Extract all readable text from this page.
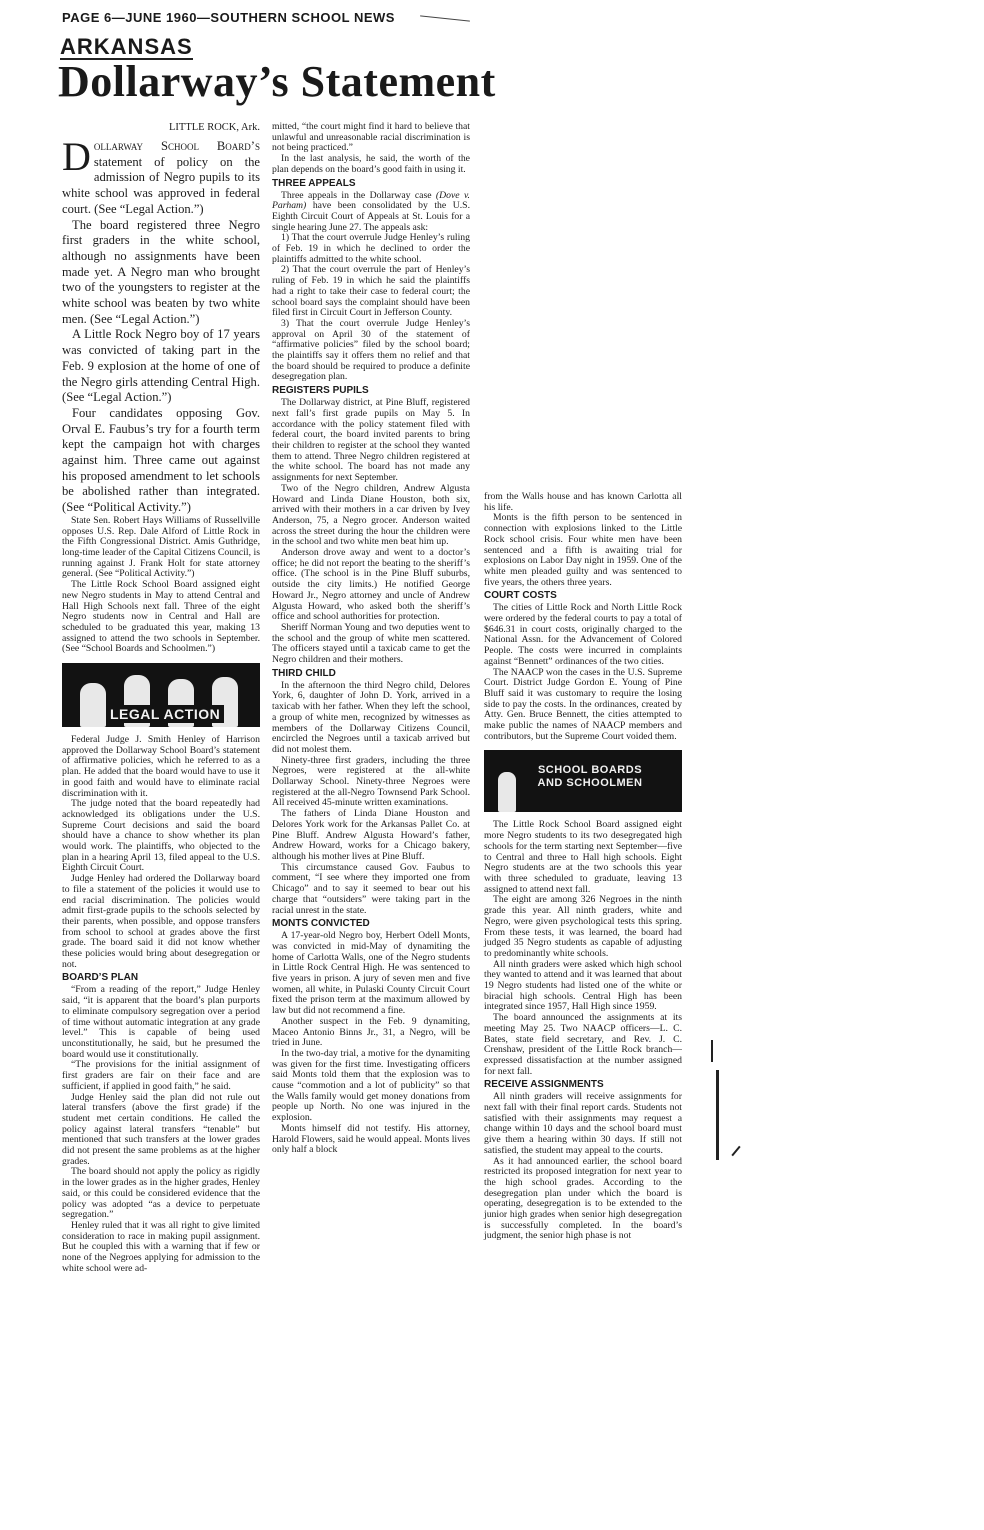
PAGE 6—JUNE 1960—SOUTHERN SCHOOL NEWS
ARKANSAS
Dollarway’s Statement
LITTLE ROCK, Ark.

Dollarway School Board’s statement of policy on the admission of Negro pupils to its white school was approved in federal court. (See “Legal Action.”)

The board registered three Negro first graders in the white school, although no assignments have been made yet. A Negro man who brought two of the youngsters to register at the white school was beaten by two white men. (See “Legal Action.”)

A Little Rock Negro boy of 17 years was convicted of taking part in the Feb. 9 explosion at the home of one of the Negro girls attending Central High. (See “Legal Action.”)

Four candidates opposing Gov. Orval E. Faubus’s try for a fourth term kept the campaign hot with charges against him. Three came out against his proposed amendment to let schools be abolished rather than integrated. (See “Political Activity.”)

State Sen. Robert Hays Williams of Russellville opposes U.S. Rep. Dale Alford of Little Rock in the Fifth Congressional District. Amis Guthridge, long-time leader of the Capital Citizens Council, is running against J. Frank Holt for state attorney general. (See “Political Activity.”)

The Little Rock School Board assigned eight new Negro students in May to attend Central and Hall High Schools next fall. Three of the eight Negro students now in Central and Hall are scheduled to be graduated this year, making 13 assigned to attend the two schools in September. (See “School Boards and Schoolmen.”)

LEGAL ACTION

Federal Judge J. Smith Henley of Harrison approved the Dollarway School Board’s statement of affirmative policies, which he referred to as a plan. He added that the board would have to use it in good faith and would have to eliminate racial discrimination with it.

The judge noted that the board repeatedly had acknowledged its obligations under the U.S. Supreme Court decisions and said the board should have a chance to show whether its plan would work. The plaintiffs, who objected to the plan in a hearing April 13, filed appeal to the U.S. Eighth Circuit Court.

Judge Henley had ordered the Dollarway board to file a statement of the policies it would use to end racial discrimination. The policies would admit first-grade pupils to the schools selected by their parents, when possible, and oppose transfers from school to school at grades above the first grade. The board said it did not know whether these policies would bring about desegregation or not.

BOARD’S PLAN

“From a reading of the report,” Judge Henley said, “it is apparent that the board’s plan purports to eliminate compulsory segregation over a period of time without automatic integration at any grade level.” This is capable of being used unconstitutionally, he said, but he presumed the board would use it constitutionally.

“The provisions for the initial assignment of first graders are fair on their face and are sufficient, if applied in good faith,” he said.

Judge Henley said the plan did not rule out lateral transfers (above the first grade) if the student met certain conditions. He called the policy against lateral transfers “tenable” but mentioned that such transfers at the lower grades did not present the same problems as at the higher grades.

The board should not apply the policy as rigidly in the lower grades as in the higher grades, Henley said, or this could be considered evidence that the policy was adopted “as a device to perpetuate segregation.”

Henley ruled that it was all right to give limited consideration to race in making pupil assignment. But he coupled this with a warning that if few or none of the Negroes applying for admission to the white school were ad-

mitted, “the court might find it hard to believe that unlawful and unreasonable racial discrimination is not being practiced.”

In the last analysis, he said, the worth of the plan depends on the board’s good faith in using it.

THREE APPEALS

Three appeals in the Dollarway case (Dove v. Parham) have been consolidated by the U.S. Eighth Circuit Court of Appeals at St. Louis for a single hearing June 27. The appeals ask:

1) That the court overrule Judge Henley’s ruling of Feb. 19 in which he declined to order the plaintiffs admitted to the white school.

2) That the court overrule the part of Henley’s ruling of Feb. 19 in which he said the plaintiffs had a right to take their case to federal court; the school board says the complaint should have been filed first in Circuit Court in Jefferson County.

3) That the court overrule Judge Henley’s approval on April 30 of the statement of “affirmative policies” filed by the school board; the plaintiffs say it offers them no relief and that the board should be required to produce a definite desegregation plan.

REGISTERS PUPILS

The Dollarway district, at Pine Bluff, registered next fall’s first grade pupils on May 5. In accordance with the policy statement filed with federal court, the board invited parents to bring their children to register at the school they wanted them to attend. Three Negro children registered at the white school. The board has not made any assignments for next September.

Two of the Negro children, Andrew Algusta Howard and Linda Diane Houston, both six, arrived with their mothers in a car driven by Ivey Anderson, 75, a Negro grocer. Anderson waited across the street during the hour the children were in the school and two white men beat him up.

Anderson drove away and went to a doctor’s office; he did not report the beating to the sheriff’s office. (The school is in the Pine Bluff suburbs, outside the city limits.) He notified George Howard Jr., Negro attorney and uncle of Andrew Algusta Howard, who asked both the sheriff’s office and school authorities for protection.

Sheriff Norman Young and two deputies went to the school and the group of white men scattered. The officers stayed until a taxicab came to get the Negro children and their mothers.

THIRD CHILD

In the afternoon the third Negro child, Delores York, 6, daughter of John D. York, arrived in a taxicab with her father. When they left the school, a group of white men, recognized by witnesses as members of the Dollarway Citizens Council, encircled the Negroes until a taxicab arrived but did not molest them.

Ninety-three first graders, including the three Negroes, were registered at the all-white Dollarway School. Ninety-three Negroes were registered at the all-Negro Townsend Park School. All received 45-minute written examinations.

The fathers of Linda Diane Houston and Delores York work for the Arkansas Pallet Co. at Pine Bluff. Andrew Algusta Howard’s father, Andrew Howard, works for a Chicago bakery, although his mother lives at Pine Bluff.

This circumstance caused Gov. Faubus to comment, “I see where they imported one from Chicago” and to say it seemed to bear out his charge that “outsiders” were taking part in the racial unrest in the state.

MONTS CONVICTED

A 17-year-old Negro boy, Herbert Odell Monts, was convicted in mid-May of dynamiting the home of Carlotta Walls, one of the Negro students in Little Rock Central High. He was sentenced to five years in prison. A jury of seven men and five women, all white, in Pulaski County Circuit Court fixed the prison term at the maximum allowed by law but did not recommend a fine.

Another suspect in the Feb. 9 dynamiting, Maceo Antonio Binns Jr., 31, a Negro, will be tried in June.

In the two-day trial, a motive for the dynamiting was given for the first time. Investigating officers said Monts told them that the explosion was to cause “commotion and a lot of publicity” so that the Walls family would get money donations from people up North. No one was injured in the explosion.

Monts himself did not testify. His attorney, Harold Flowers, said he would appeal. Monts lives only half a block

from the Walls house and has known Carlotta all his life.

Monts is the fifth person to be sentenced in connection with explosions linked to the Little Rock school crisis. Four white men have been sentenced and a fifth is awaiting trial for explosions on Labor Day night in 1959. One of the white men pleaded guilty and was sentenced to five years, the others three years.

COURT COSTS

The cities of Little Rock and North Little Rock were ordered by the federal courts to pay a total of $646.31 in court costs, originally charged to the National Assn. for the Advancement of Colored People. The costs were incurred in complaints against “Bennett” ordinances of the two cities.

The NAACP won the cases in the U.S. Supreme Court. District Judge Gordon E. Young of Pine Bluff said it was customary to require the losing side to pay the costs. In the ordinances, created by Atty. Gen. Bruce Bennett, the cities attempted to make public the names of NAACP members and contributors, but the Supreme Court voided them.

SCHOOL BOARDS
AND SCHOOLMEN

The Little Rock School Board assigned eight more Negro students to its two desegregated high schools for the term starting next September—five to Central and three to Hall high schools. Eight Negro students are at the two schools this year with three scheduled to graduate, leaving 13 assigned to attend next fall.

The eight are among 326 Negroes in the ninth grade this year. All ninth graders, white and Negro, were given psychological tests this spring. From these tests, it was learned, the board had judged 35 Negro students as capable of adjusting to predominantly white schools.

All ninth graders were asked which high school they wanted to attend and it was learned that about 19 Negro students had listed one of the white or biracial high schools. Central High has been integrated since 1957, Hall High since 1959.

The board announced the assignments at its meeting May 25. Two NAACP officers—L. C. Bates, state field secretary, and Rev. J. C. Crenshaw, president of the Little Rock branch—expressed dissatisfaction at the number assigned for next fall.

RECEIVE ASSIGNMENTS

All ninth graders will receive assignments for next fall with their final report cards. Students not satisfied with their assignments may request a change within 10 days and the school board must give them a hearing within 30 days. If still not satisfied, the student may appeal to the courts.

As it had announced earlier, the school board restricted its proposed integration for next year to the high school grades. According to the desegregation plan under which the board is operating, desegregation is to be extended to the junior high grades when senior high desegregation is successfully completed. In the board’s judgment, the senior high phase is not
